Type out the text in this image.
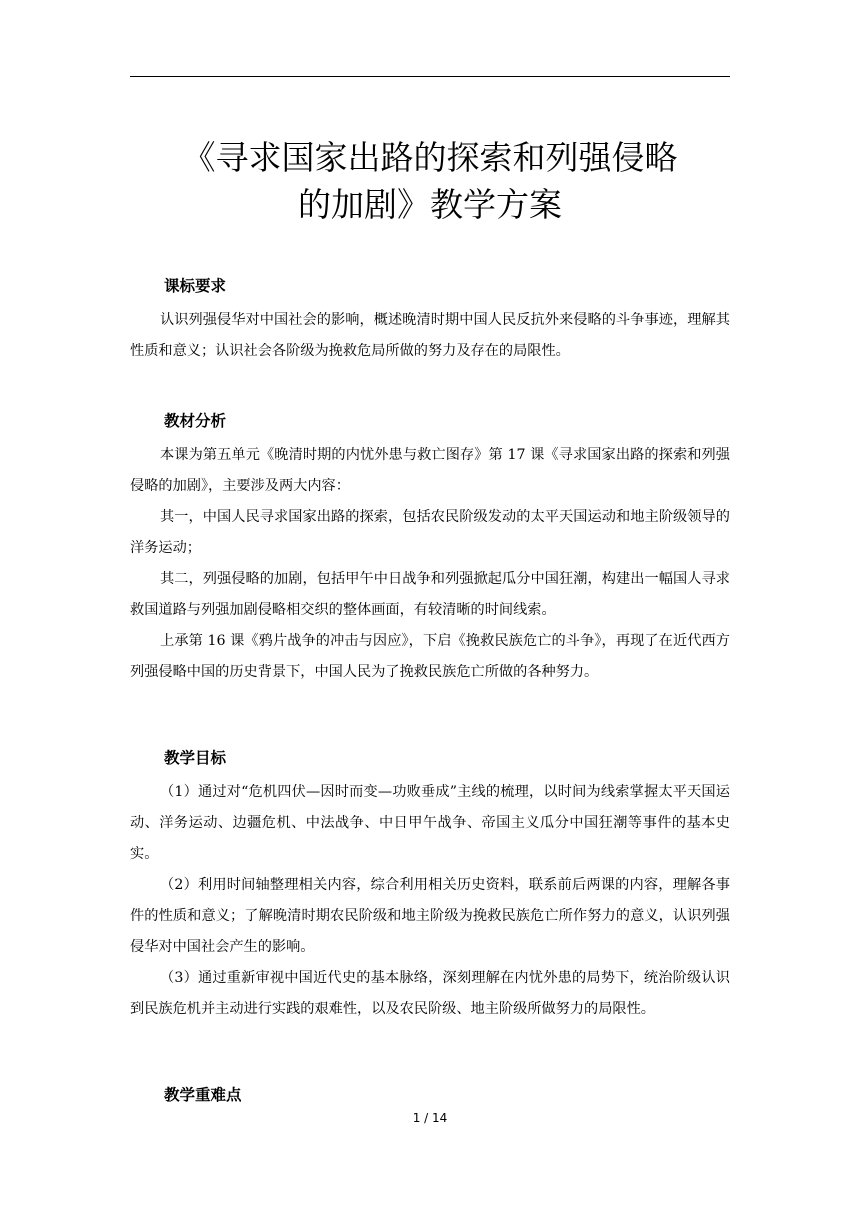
《寻求国家出路的探索和列强侵略
的加剧》教学方案
课标要求

认识列强侵华对中国社会的影响，概述晚清时期中国人民反抗外来侵略的斗争事迹，理解其性质和意义；认识社会各阶级为挽救危局所做的努力及存在的局限性。

教材分析

本课为第五单元《晚清时期的内忧外患与救亡图存》第 17 课《寻求国家出路的探索和列强侵略的加剧》，主要涉及两大内容：

其一，中国人民寻求国家出路的探索，包括农民阶级发动的太平天国运动和地主阶级领导的洋务运动；

其二，列强侵略的加剧，包括甲午中日战争和列强掀起瓜分中国狂潮，构建出一幅国人寻求救国道路与列强加剧侵略相交织的整体画面，有较清晰的时间线索。

上承第 16 课《鸦片战争的冲击与因应》，下启《挽救民族危亡的斗争》，再现了在近代西方列强侵略中国的历史背景下，中国人民为了挽救民族危亡所做的各种努力。

教学目标

（1）通过对“危机四伏—因时而变—功败垂成”主线的梳理，以时间为线索掌握太平天国运动、洋务运动、边疆危机、中法战争、中日甲午战争、帝国主义瓜分中国狂潮等事件的基本史实。

（2）利用时间轴整理相关内容，综合利用相关历史资料，联系前后两课的内容，理解各事件的性质和意义；了解晚清时期农民阶级和地主阶级为挽救民族危亡所作努力的意义，认识列强侵华对中国社会产生的影响。

（3）通过重新审视中国近代史的基本脉络，深刻理解在内忧外患的局势下，统治阶级认识到民族危机并主动进行实践的艰难性，以及农民阶级、地主阶级所做努力的局限性。

教学重难点
1 / 14
